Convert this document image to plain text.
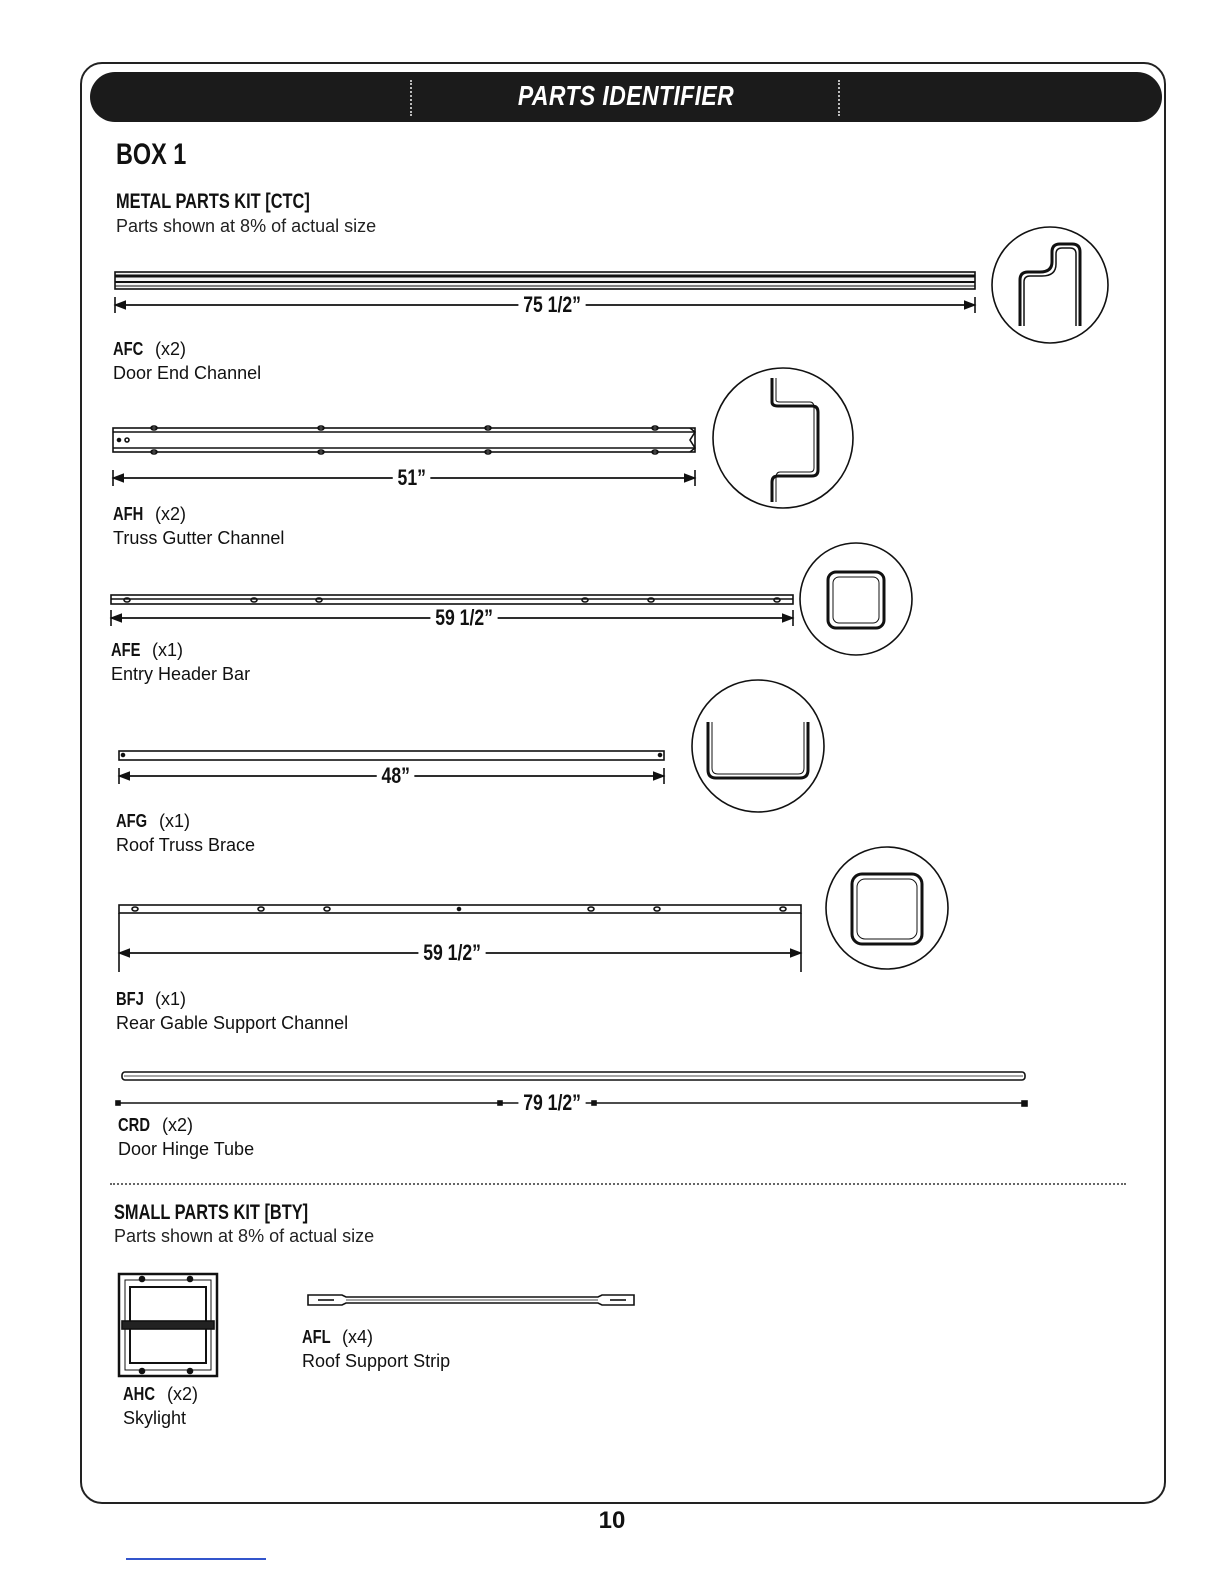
PARTS IDENTIFIER
BOX 1
METAL PARTS KIT [CTC]
Parts shown at 8% of actual size
75 1/2”
51”
59 1/2”
48”
59 1/2”
79 1/2”
AFC (x2)
Door End Channel
AFH (x2)
Truss Gutter Channel
AFE (x1)
Entry Header Bar
AFG (x1)
Roof Truss Brace
BFJ (x1)
Rear Gable Support Channel
CRD (x2)
Door Hinge Tube
SMALL PARTS KIT [BTY]
Parts shown at 8% of actual size
AHC (x2)
Skylight
AFL (x4)
Roof Support Strip
10
